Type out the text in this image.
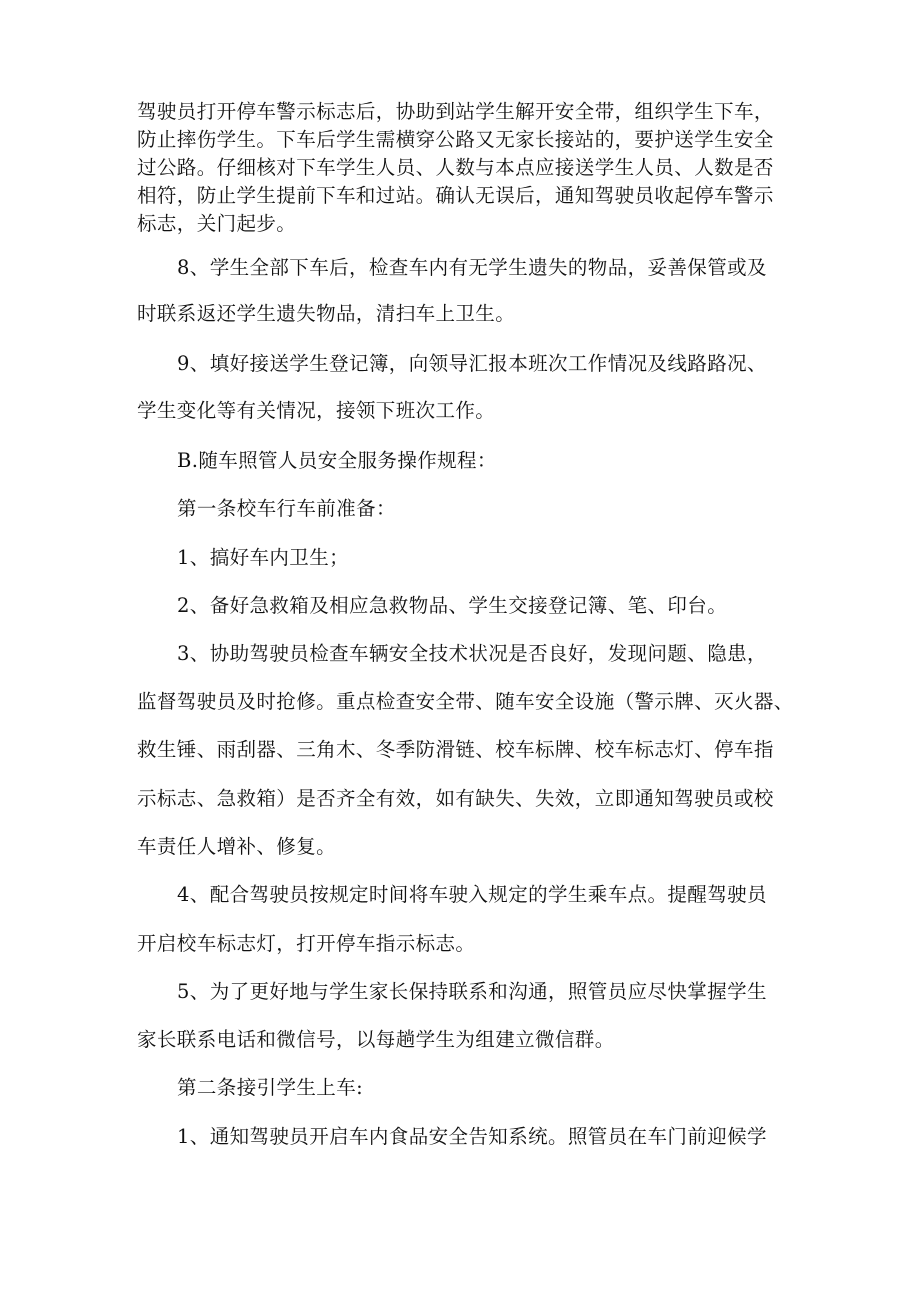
驾驶员打开停车警示标志后，协助到站学生解开安全带，组织学生下车，
防止摔伤学生。下车后学生需横穿公路又无家长接站的，要护送学生安全
过公路。仔细核对下车学生人员、人数与本点应接送学生人员、人数是否
相符，防止学生提前下车和过站。确认无误后，通知驾驶员收起停车警示
标志，关门起步。
8、学生全部下车后，检查车内有无学生遗失的物品，妥善保管或及
时联系返还学生遗失物品，清扫车上卫生。
9、填好接送学生登记簿，向领导汇报本班次工作情况及线路路况、
学生变化等有关情况，接领下班次工作。
B.随车照管人员安全服务操作规程：
第一条校车行车前准备：
1、搞好车内卫生；
2、备好急救箱及相应急救物品、学生交接登记簿、笔、印台。
3、协助驾驶员检查车辆安全技术状况是否良好，发现问题、隐患，
监督驾驶员及时抢修。重点检查安全带、随车安全设施（警示牌、灭火器、
救生锤、雨刮器、三角木、冬季防滑链、校车标牌、校车标志灯、停车指
示标志、急救箱）是否齐全有效，如有缺失、失效，立即通知驾驶员或校
车责任人增补、修复。
4、配合驾驶员按规定时间将车驶入规定的学生乘车点。提醒驾驶员
开启校车标志灯，打开停车指示标志。
5、为了更好地与学生家长保持联系和沟通，照管员应尽快掌握学生
家长联系电话和微信号，以每趟学生为组建立微信群。
第二条接引学生上车:
1、通知驾驶员开启车内食品安全告知系统。照管员在车门前迎候学
